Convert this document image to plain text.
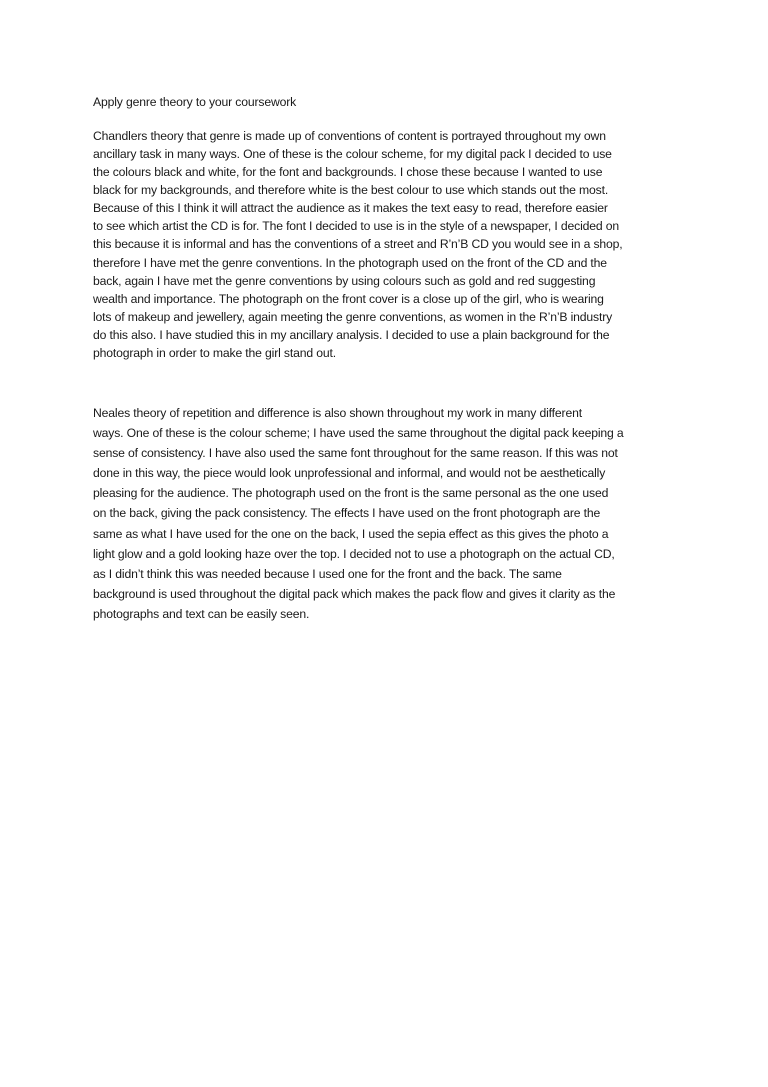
Apply genre theory to your coursework

Chandlers theory that genre is made up of conventions of content is portrayed throughout my own
ancillary task in many ways. One of these is the colour scheme, for my digital pack I decided to use
the colours black and white, for the font and backgrounds. I chose these because I wanted to use
black for my backgrounds, and therefore white is the best colour to use which stands out the most.
Because of this I think it will attract the audience as it makes the text easy to read, therefore easier
to see which artist the CD is for. The font I decided to use is in the style of a newspaper, I decided on
this because it is informal and has the conventions of a street and R’n’B CD you would see in a shop,
therefore I have met the genre conventions. In the photograph used on the front of the CD and the
back, again I have met the genre conventions by using colours such as gold and red suggesting
wealth and importance. The photograph on the front cover is a close up of the girl, who is wearing
lots of makeup and jewellery, again meeting the genre conventions, as women in the R’n’B industry
do this also. I have studied this in my ancillary analysis. I decided to use a plain background for the
photograph in order to make the girl stand out.

Neales theory of repetition and difference is also shown throughout my work in many different
ways. One of these is the colour scheme; I have used the same throughout the digital pack keeping a
sense of consistency. I have also used the same font throughout for the same reason. If this was not
done in this way, the piece would look unprofessional and informal, and would not be aesthetically
pleasing for the audience. The photograph used on the front is the same personal as the one used
on the back, giving the pack consistency. The effects I have used on the front photograph are the
same as what I have used for the one on the back, I used the sepia effect as this gives the photo a
light glow and a gold looking haze over the top. I decided not to use a photograph on the actual CD,
as I didn’t think this was needed because I used one for the front and the back. The same
background is used throughout the digital pack which makes the pack flow and gives it clarity as the
photographs and text can be easily seen.
